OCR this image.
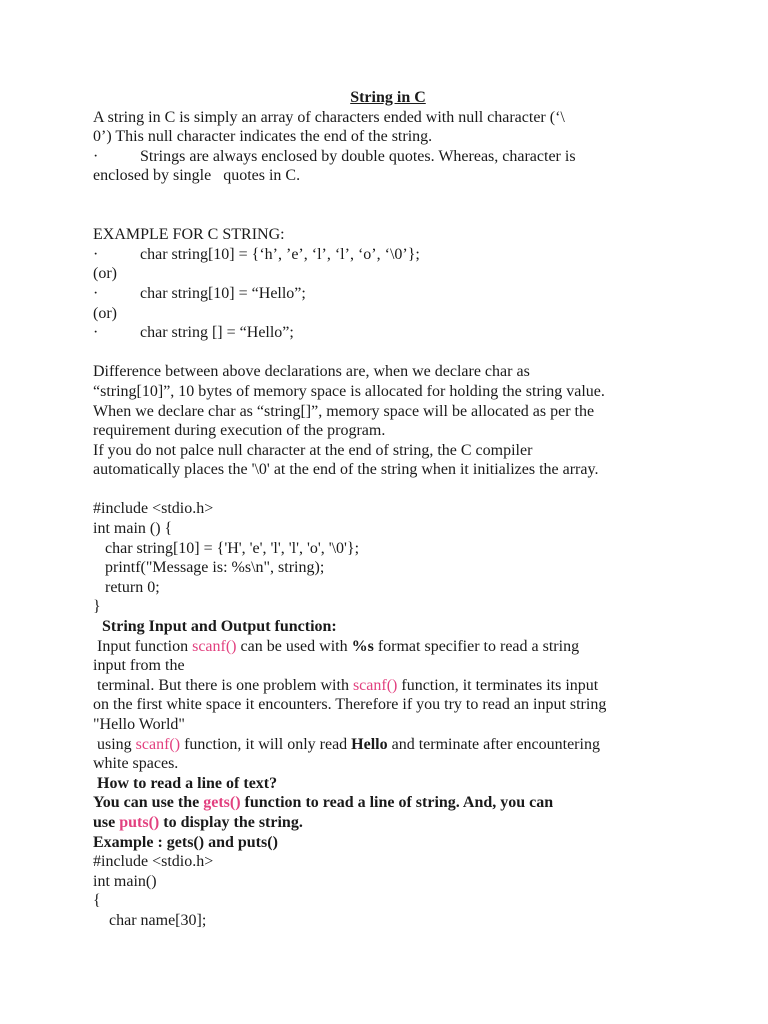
String in C

A string in C is simply an array of characters ended with null character (‘\

0’) This null character indicates the end of the string.

·	Strings are always enclosed by double quotes. Whereas, character is

enclosed by single   quotes in C.

EXAMPLE FOR C STRING:

·	char string[10] = {‘h’, ’e’, ‘l’, ‘l’, ‘o’, ‘\0’};

(or)

·	char string[10] = “Hello”;

(or)

·	char string [] = “Hello”;

Difference between above declarations are, when we declare char as

“string[10]”, 10 bytes of memory space is allocated for holding the string value.

When we declare char as “string[]”, memory space will be allocated as per the

requirement during execution of the program.

If you do not palce null character at the end of string, the C compiler

automatically places the '\0' at the end of the string when it initializes the array.

#include <stdio.h>

int main () {

char string[10] = {'H', 'e', 'l', 'l', 'o', '\0'};

printf("Message is: %s\n", string);

return 0;

}

String Input and Output function:

Input function scanf() can be used with %s format specifier to read a string

input from the

terminal. But there is one problem with scanf() function, it terminates its input

on the first white space it encounters. Therefore if you try to read an input string

"Hello World"

using scanf() function, it will only read Hello and terminate after encountering

white spaces.

How to read a line of text?

You can use the gets() function to read a line of string. And, you can

use puts() to display the string.

Example : gets() and puts()

#include <stdio.h>

int main()

{

char name[30];
